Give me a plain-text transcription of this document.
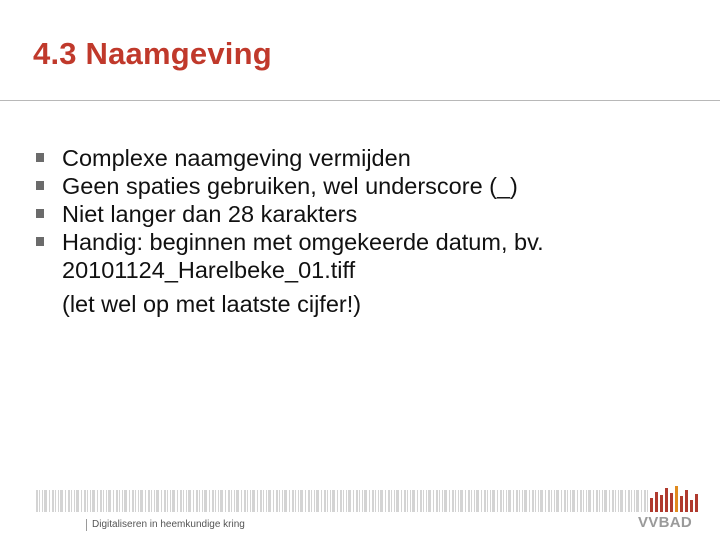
4.3 Naamgeving
Complexe naamgeving vermijden
Geen spaties gebruiken, wel underscore (_)
Niet langer dan 28 karakters
Handig: beginnen met omgekeerde datum, bv.
20101124_Harelbeke_01.tiff
(let wel op met laatste cijfer!)
Digitaliseren in heemkundige kring	VVBAD
